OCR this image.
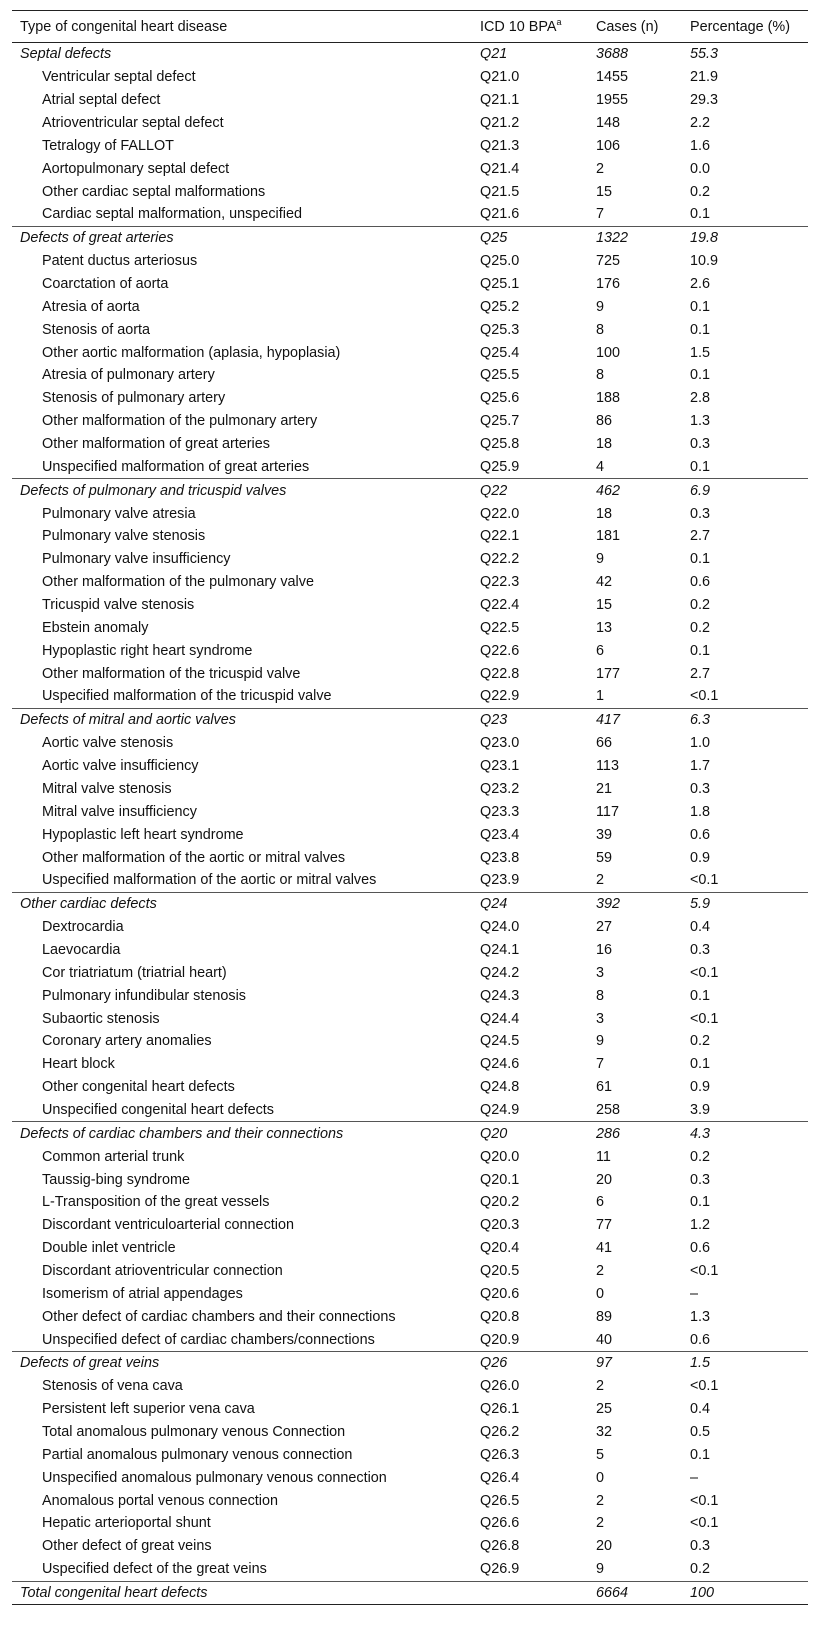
Type of congenital heart disease	ICD 10 BPA$^a$	Cases (n)	Percentage (%)
Septal defects	Q21	3688	55.3
Ventricular septal defect	Q21.0	1455	21.9
Atrial septal defect	Q21.1	1955	29.3
Atrioventricular septal defect	Q21.2	148	2.2
Tetralogy of FALLOT	Q21.3	106	1.6
Aortopulmonary septal defect	Q21.4	2	0.0
Other cardiac septal malformations	Q21.5	15	0.2
Cardiac septal malformation, unspecified	Q21.6	7	0.1
Defects of great arteries	Q25	1322	19.8
Patent ductus arteriosus	Q25.0	725	10.9
Coarctation of aorta	Q25.1	176	2.6
Atresia of aorta	Q25.2	9	0.1
Stenosis of aorta	Q25.3	8	0.1
Other aortic malformation (aplasia, hypoplasia)	Q25.4	100	1.5
Atresia of pulmonary artery	Q25.5	8	0.1
Stenosis of pulmonary artery	Q25.6	188	2.8
Other malformation of the pulmonary artery	Q25.7	86	1.3
Other malformation of great arteries	Q25.8	18	0.3
Unspecified malformation of great arteries	Q25.9	4	0.1
Defects of pulmonary and tricuspid valves	Q22	462	6.9
Pulmonary valve atresia	Q22.0	18	0.3
Pulmonary valve stenosis	Q22.1	181	2.7
Pulmonary valve insufficiency	Q22.2	9	0.1
Other malformation of the pulmonary valve	Q22.3	42	0.6
Tricuspid valve stenosis	Q22.4	15	0.2
Ebstein anomaly	Q22.5	13	0.2
Hypoplastic right heart syndrome	Q22.6	6	0.1
Other malformation of the tricuspid valve	Q22.8	177	2.7
Uspecified malformation of the tricuspid valve	Q22.9	1	<0.1
Defects of mitral and aortic valves	Q23	417	6.3
Aortic valve stenosis	Q23.0	66	1.0
Aortic valve insufficiency	Q23.1	113	1.7
Mitral valve stenosis	Q23.2	21	0.3
Mitral valve insufficiency	Q23.3	117	1.8
Hypoplastic left heart syndrome	Q23.4	39	0.6
Other malformation of the aortic or mitral valves	Q23.8	59	0.9
Uspecified malformation of the aortic or mitral valves	Q23.9	2	<0.1
Other cardiac defects	Q24	392	5.9
Dextrocardia	Q24.0	27	0.4
Laevocardia	Q24.1	16	0.3
Cor triatriatum (triatrial heart)	Q24.2	3	<0.1
Pulmonary infundibular stenosis	Q24.3	8	0.1
Subaortic stenosis	Q24.4	3	<0.1
Coronary artery anomalies	Q24.5	9	0.2
Heart block	Q24.6	7	0.1
Other congenital heart defects	Q24.8	61	0.9
Unspecified congenital heart defects	Q24.9	258	3.9
Defects of cardiac chambers and their connections	Q20	286	4.3
Common arterial trunk	Q20.0	11	0.2
Taussig-bing syndrome	Q20.1	20	0.3
L-Transposition of the great vessels	Q20.2	6	0.1
Discordant ventriculoarterial connection	Q20.3	77	1.2
Double inlet ventricle	Q20.4	41	0.6
Discordant atrioventricular connection	Q20.5	2	<0.1
Isomerism of atrial appendages	Q20.6	0	–
Other defect of cardiac chambers and their connections	Q20.8	89	1.3
Unspecified defect of cardiac chambers/connections	Q20.9	40	0.6
Defects of great veins	Q26	97	1.5
Stenosis of vena cava	Q26.0	2	<0.1
Persistent left superior vena cava	Q26.1	25	0.4
Total anomalous pulmonary venous Connection	Q26.2	32	0.5
Partial anomalous pulmonary venous connection	Q26.3	5	0.1
Unspecified anomalous pulmonary venous connection	Q26.4	0	–
Anomalous portal venous connection	Q26.5	2	<0.1
Hepatic arterioportal shunt	Q26.6	2	<0.1
Other defect of great veins	Q26.8	20	0.3
Uspecified defect of the great veins	Q26.9	9	0.2
Total congenital heart defects		6664	100
